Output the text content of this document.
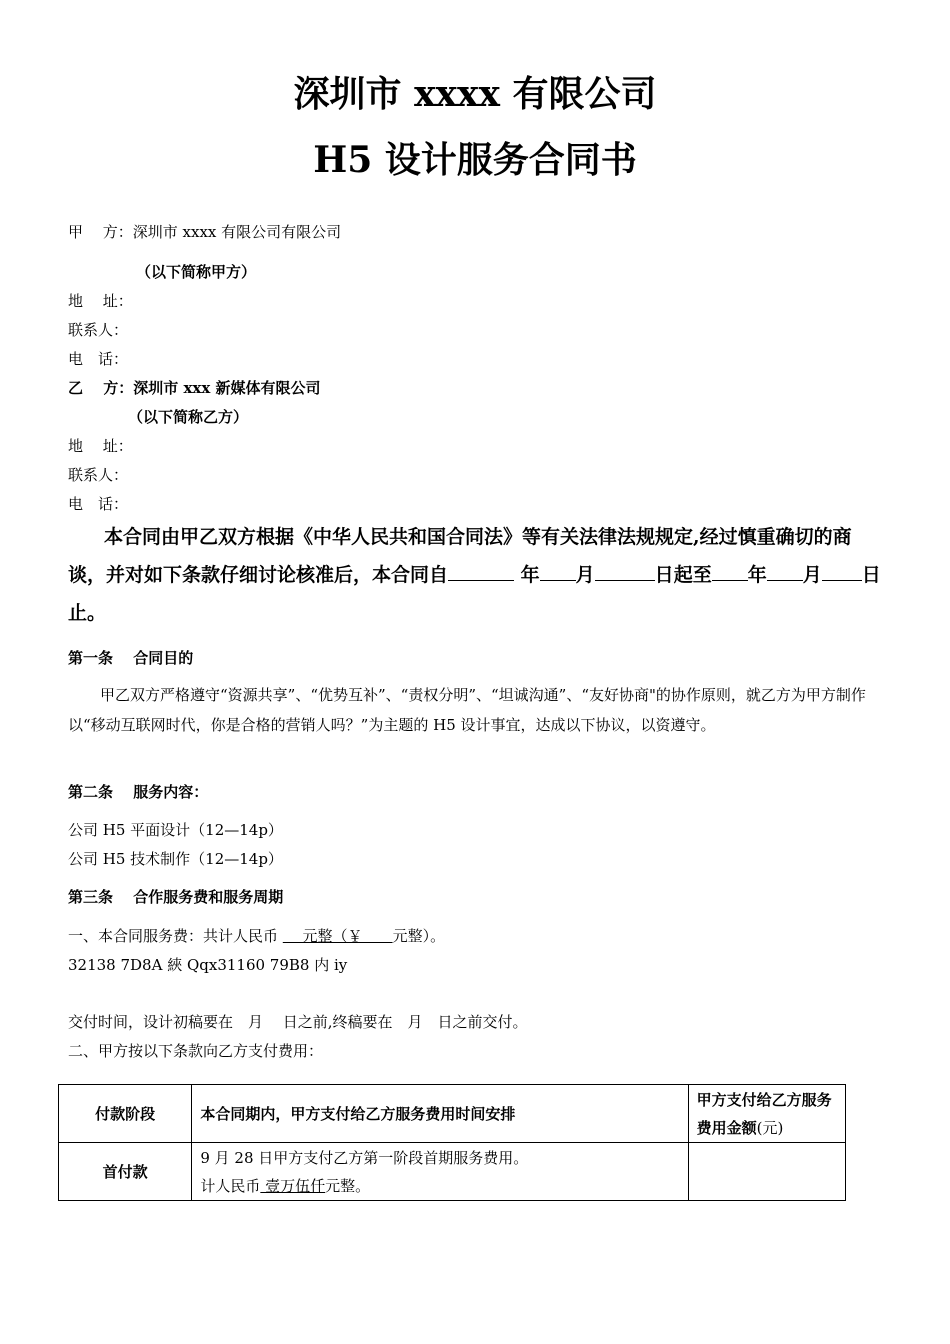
深圳市 xxxx 有限公司
H5 设计服务合同书
甲　 方：深圳市 xxxx 有限公司有限公司
（以下简称甲方）
地　 址：
联系人：
电　话：
乙　 方：深圳市 xxx 新媒体有限公司
（以下简称乙方）
地　 址：
联系人：
电　话：
本合同由甲乙双方根据《中华人民共和国合同法》等有关法律法规规定,经过慎重确切的商谈，并对如下条款仔细讨论核准后，本合同自	年 月	日起至 年 月 日止。
第一条　 合同目的
甲乙双方严格遵守“资源共享”、“优势互补”、“责权分明”、“坦诚沟通”、“友好协商"的协作原则，就乙方为甲方制作以“移动互联网时代，你是合格的营销人吗？”为主题的 H5 设计事宜，达成以下协议，以资遵守。
第二条　 服务内容：
公司 H5 平面设计（12—14p）
公司 H5 技术制作（12—14p）
第三条　 合作服务费和服务周期
一、本合同服务费：共计人民币 　 元整（￥　　元整）。
32138 7D8A 綊 Qqx31160 79B8 内 iy
交付时间，设计初稿要在　月　 日之前,终稿要在　月　日之前交付。
二、甲方按以下条款向乙方支付费用：
付款阶段	本合同期内，甲方支付给乙方服务费用时间安排	甲方支付给乙方服务费用金额(元)
首付款	9 月 28 日甲方支付乙方第一阶段首期服务费用。
计人民币 壹万伍仟元整。	
